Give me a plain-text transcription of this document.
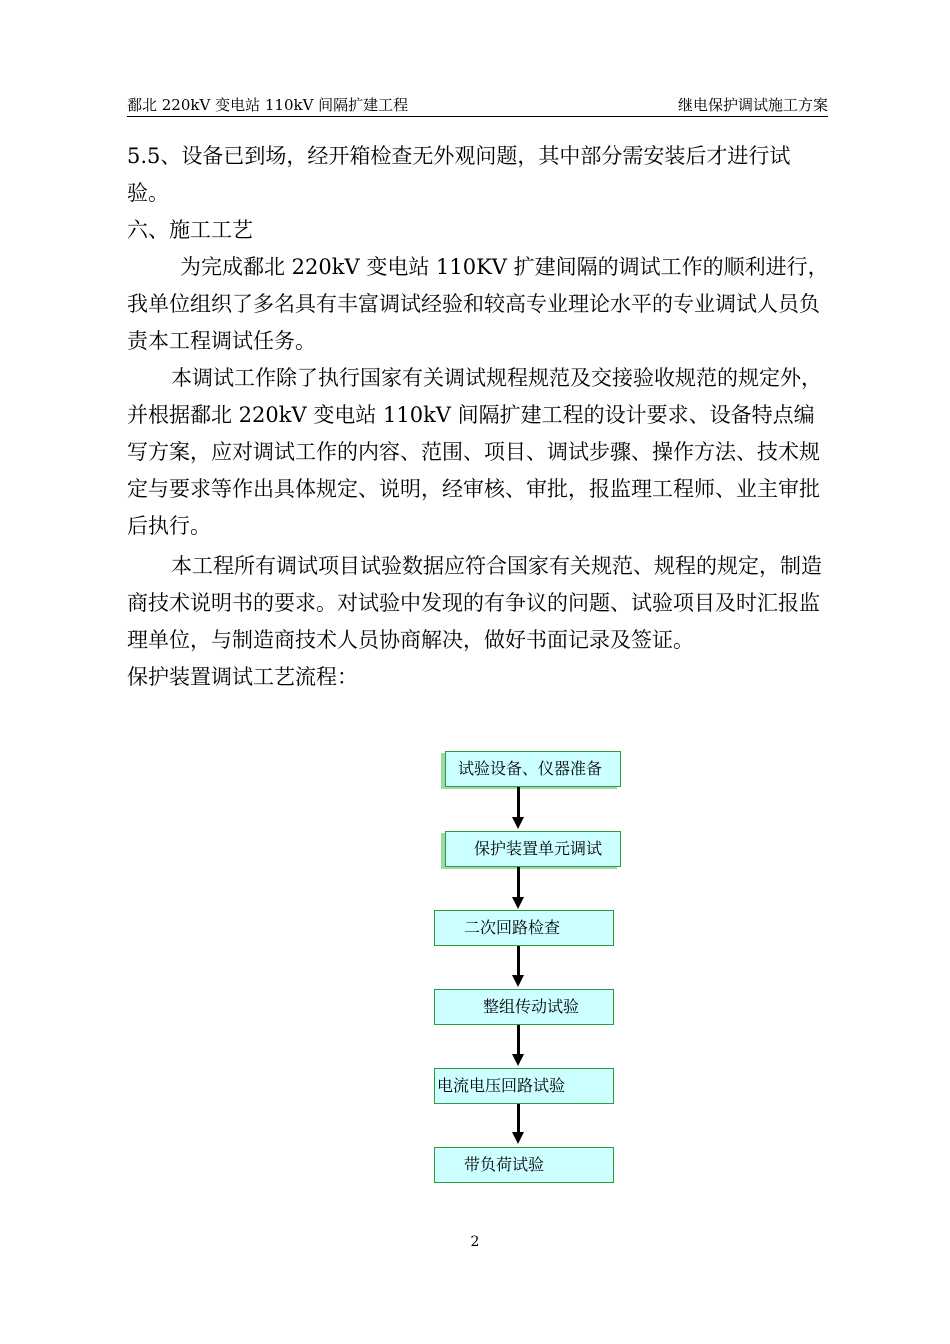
鄱北 220kV 变电站 110kV 间隔扩建工程	继电保护调试施工方案

5.5、设备已到场，经开箱检查无外观问题，其中部分需安装后才进行试验。

六、施工工艺

为完成鄱北 220kV 变电站 110KV 扩建间隔的调试工作的顺利进行，我单位组织了多名具有丰富调试经验和较高专业理论水平的专业调试人员负责本工程调试任务。

本调试工作除了执行国家有关调试规程规范及交接验收规范的规定外，并根据鄱北 220kV 变电站 110kV 间隔扩建工程的设计要求、设备特点编写方案，应对调试工作的内容、范围、项目、调试步骤、操作方法、技术规定与要求等作出具体规定、说明，经审核、审批，报监理工程师、业主审批后执行。

本工程所有调试项目试验数据应符合国家有关规范、规程的规定，制造商技术说明书的要求。对试验中发现的有争议的问题、试验项目及时汇报监理单位，与制造商技术人员协商解决，做好书面记录及签证。

保护装置调试工艺流程：

试验设备、仪器准备
保护装置单元调试
二次回路检查
整组传动试验
电流电压回路试验
带负荷试验
2
